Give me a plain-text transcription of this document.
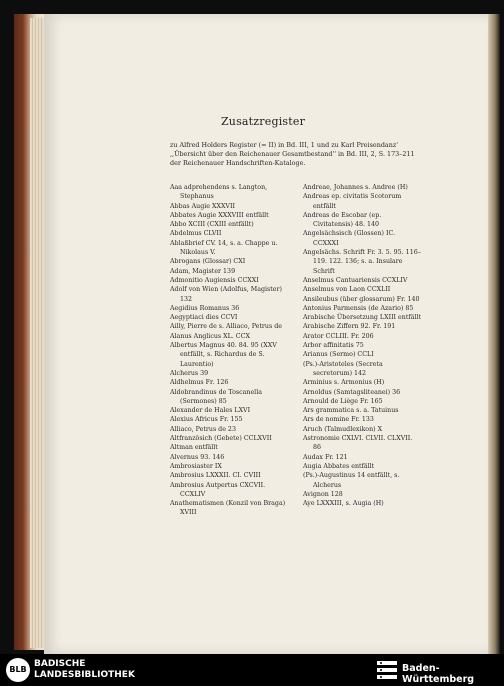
Zusatzregister
zu Alfred Holders Register (= II) in Bd. III, 1 und zu Karl Preisendanz' ,,Übersicht über den Reichenauer Gesamtbestand'' in Bd. III, 2, S. 173–211 der Reichenauer Handschriften-Kataloge.
Aaa adprehendens s. Langton, Stephanus
Abbas Augie XXXVII
Abbates Augie XXXVIII entfällt
Abbo XCIII (CXIII entfällt)
Abdelmus CLVII
Ablaßbrief CV. 14, s. a. Chappe u. Nikolaus V.
Abrogans (Glossar) CXI
Adam, Magister 139
Admonitio Augiensis CCXXI
Adolf von Wien (Adolfus, Magister) 132
Aegidius Romanus 36
Aegyptiaci dies CCVI
Ailly, Pierre de s. Alliaco, Petrus de
Alanus Anglicus XL. CCX
Albertus Magnus 40. 84. 95 (XXV entfällt, s. Richardus de S. Laurentio)
Alcherus 39
Aldhelmus Fr. 126
Aldobrandinus de Toscanella (Sermones) 85
Alexander de Hales LXVI
Alexius Africus Fr. 155
Alliaco, Petrus de 23
Altfranzösich (Gebete) CCLXVII
Altman entfällt
Alvernus 93. 146
Ambrosiaster IX
Ambrosius LXXXII. CI. CVIII
Ambrosius Autpertus CXCVII. CCXLIV
Anathematismen (Konzil von Braga) XVIII
Andreae, Johannes s. Andree (H)
Andreas ep. civitatis Scotorum entfällt
Andreas de Escobar (ep. Civitatensis) 48. 140
Angelsächsisch (Glossen) IC. CCXXXI
Angelsächs. Schrift Fr. 3. 5. 95. 116–119. 122. 136; s. a. Insulare Schrift
Anselmus Cantuariensis CCXLIV
Anselmus von Laon CCXLII
Ansileubus (über glossarum) Fr. 140
Antonius Parmensis (de Azario) 85
Arabische Übersetzung LXIII entfällt
Arabische Ziffern 92. Fr. 191
Arator CCLIII. Fr. 206
Arbor affinitatis 75
Arianus (Sermo) CCLI
(Ps.)-Aristoteles (Secreta secretorum) 142
Arminius s. Armonius (H)
Arnoldus (Samtagsliteanei) 36
Arnould de Liège Fr. 165
Ars grammatica s. a. Tatuinus
Ars de nomine Fr. 133
Aruch (Talmudlexikon) X
Astronomie CXLVI. CLVII. CLXVII. 86
Audax Fr. 121
Augia Abbates entfällt
(Ps.)-Augustinus 14 entfällt, s. Alcherus
Avignon 128
Aye LXXXIII, s. Augia (H)
BLB
BADISCHE
LANDESBIBLIOTHEK
Baden-Württemberg
